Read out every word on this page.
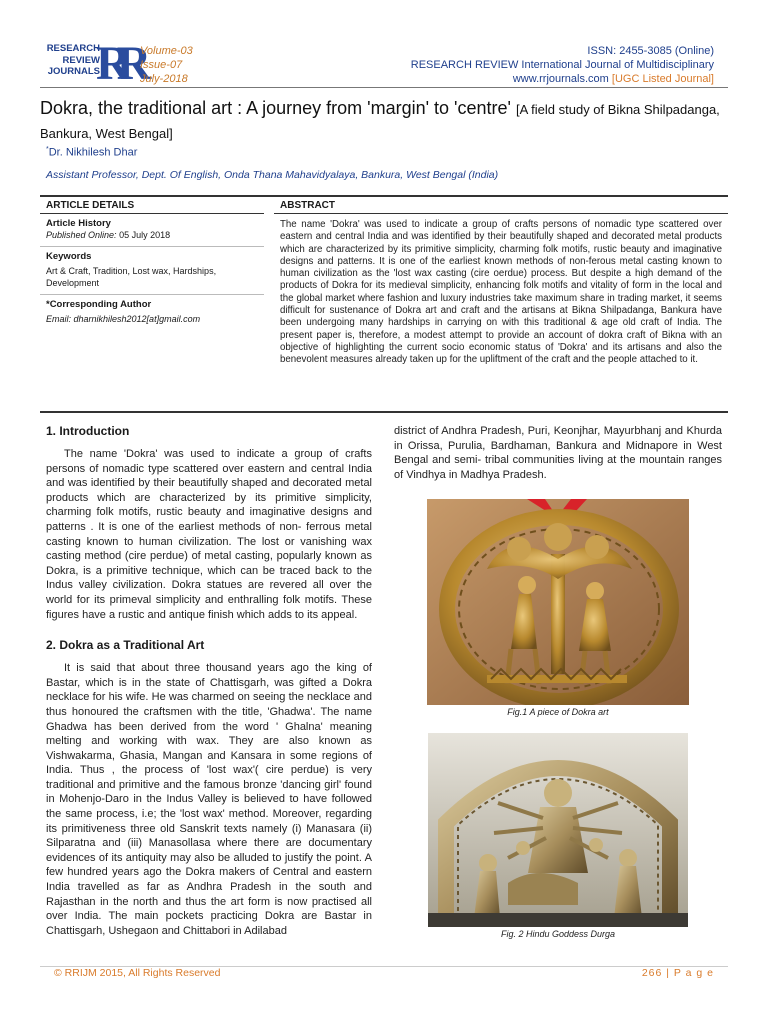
RESEARCH
REVIEW
JOURNALS
RR Volume-03
Issue-07
July-2018
ISSN: 2455-3085 (Online)
RESEARCH REVIEW International Journal of Multidisciplinary
www.rrjournals.com [UGC Listed Journal]
Dokra, the traditional art : A journey from 'margin' to 'centre' [A field study of Bikna Shilpadanga, Bankura, West Bengal]
*Dr. Nikhilesh Dhar
Assistant Professor, Dept. Of English, Onda Thana Mahavidyalaya, Bankura, West Bengal (India)
ARTICLE DETAILS
Article History
Published Online: 05 July 2018
Keywords
Art & Craft, Tradition, Lost wax, Hardships, Development
*Corresponding Author
Email: dharnikhilesh2012[at]gmail.com
ABSTRACT
The name 'Dokra' was used to indicate a group of crafts persons of nomadic type scattered over eastern and central India and was identified by their beautifully shaped and decorated metal products which are characterized by its primitive simplicity, charming folk motifs, rustic beauty and imaginative designs and patterns. It is one of the earliest known methods of non-ferous metal casting known to human civilization as the 'lost wax casting (cire oerdue) process. But despite a high demand of the products of Dokra for its medieval simplicity, enhancing folk motifs and vitality of form in the local and the global market where fashion and luxury industries take maximum share in trading market, it seems difficult for sustenance of Dokra art and craft and the artisans at Bikna Shilpadanga, Bankura have been undergoing many hardships in carrying on with this traditional & age old craft of India. The present paper is, therefore, a modest attempt to provide an account of dokra craft of Bikna with an objective of highlighting the current socio economic status of 'Dokra' and its artisans and also the benevolent measures already taken up for the upliftment of the craft and the people attached to it.
1. Introduction

The name 'Dokra' was used to indicate a group of crafts persons of nomadic type scattered over eastern and central India and was identified by their beautifully shaped and decorated metal products which are characterized by its primitive simplicity, charming folk motifs, rustic beauty and imaginative designs and patterns . It is one of the earliest methods of non- ferrous metal casting known to human civilization. The lost or vanishing wax casting method (cire perdue) of metal casting, popularly known as Dokra, is a primitive technique, which can be traced back to the Indus valley civilization. Dokra statues are revered all over the world for its primeval simplicity and enthralling folk motifs. These figures have a rustic and antique finish which adds to its appeal.

2. Dokra as a Traditional Art

It is said that about three thousand years ago the king of Bastar, which is in the state of Chattisgarh, was gifted a Dokra necklace for his wife. He was charmed on seeing the necklace and thus honoured the craftsmen with the title, 'Ghadwa'. The name Ghadwa has been derived from the word ' Ghalna' meaning melting and working with wax. They are also known as Vishwakarma, Ghasia, Mangan and Kansara in some regions of India. Thus , the process of 'lost wax'( cire perdue) is very traditional and primitive and the famous bronze 'dancing girl' found in Mohenjo-Daro in the Indus Valley is believed to have followed the same process, i.e; the 'lost wax' method. Moreover, regarding its primitiveness three old Sanskrit texts namely (i) Manasara (ii) Silparatna and (iii) Manasollasa where there are documentary evidences of its antiquity may also be alluded to justify the point. A few hundred years ago the Dokra makers of Central and eastern India travelled as far as Andhra Pradesh in the south and Rajasthan in the north and thus the art form is now practised all over India. The main pockets practicing Dokra are Bastar in Chattisgarh, Ushegaon and Chittabori in Adilabad

district of Andhra Pradesh, Puri, Keonjhar, Mayurbhanj and Khurda in Orissa, Purulia, Bardhaman, Bankura and Midnapore in West Bengal and semi- tribal communities living at the mountain ranges of Vindhya in Madhya Pradesh.

Fig.1 A piece of Dokra art
Fig. 2 Hindu Goddess Durga
© RRIJM 2015, All Rights Reserved	266 | P a g e
